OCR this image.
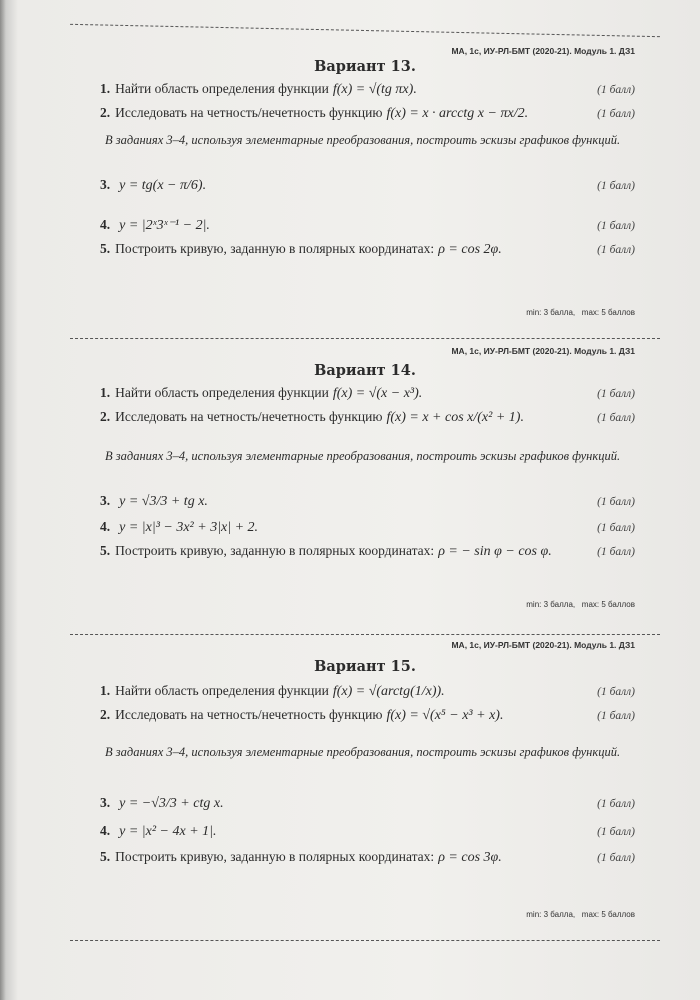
МА, 1с, ИУ-РЛ-БМТ (2020-21). Модуль 1. ДЗ1
Вариант 13.
В заданиях 3–4, используя элементарные преобразования, построить эскизы графиков функций.
1. Найти область определения функции f(x) = √(tg πx).	(1 балл)
2. Исследовать на четность/нечетность функцию f(x) = x · arcctg x − πx/2.	(1 балл)
3. y = tg(x − π/6).	(1 балл)
4. y = |2ˣ3ˣ⁻¹ − 2|.	(1 балл)
5. Построить кривую, заданную в полярных координатах: ρ = cos 2φ.	(1 балл)
min: 3 балла,   max: 5 баллов
МА, 1с, ИУ-РЛ-БМТ (2020-21). Модуль 1. ДЗ1
Вариант 14.
В заданиях 3–4, используя элементарные преобразования, построить эскизы графиков функций.
1. Найти область определения функции f(x) = √(x − x³).	(1 балл)
2. Исследовать на четность/нечетность функцию f(x) = x + cos x/(x² + 1).	(1 балл)
3. y = √3/3 + tg x.	(1 балл)
4. y = |x|³ − 3x² + 3|x| + 2.	(1 балл)
5. Построить кривую, заданную в полярных координатах: ρ = − sin φ − cos φ.	(1 балл)
min: 3 балла,   max: 5 баллов
МА, 1с, ИУ-РЛ-БМТ (2020-21). Модуль 1. ДЗ1
Вариант 15.
В заданиях 3–4, используя элементарные преобразования, построить эскизы графиков функций.
1. Найти область определения функции f(x) = √(arctg(1/x)).	(1 балл)
2. Исследовать на четность/нечетность функцию f(x) = √(x⁵ − x³ + x).	(1 балл)
3. y = −√3/3 + ctg x.	(1 балл)
4. y = |x² − 4x + 1|.	(1 балл)
5. Построить кривую, заданную в полярных координатах: ρ = cos 3φ.	(1 балл)
min: 3 балла,   max: 5 баллов
